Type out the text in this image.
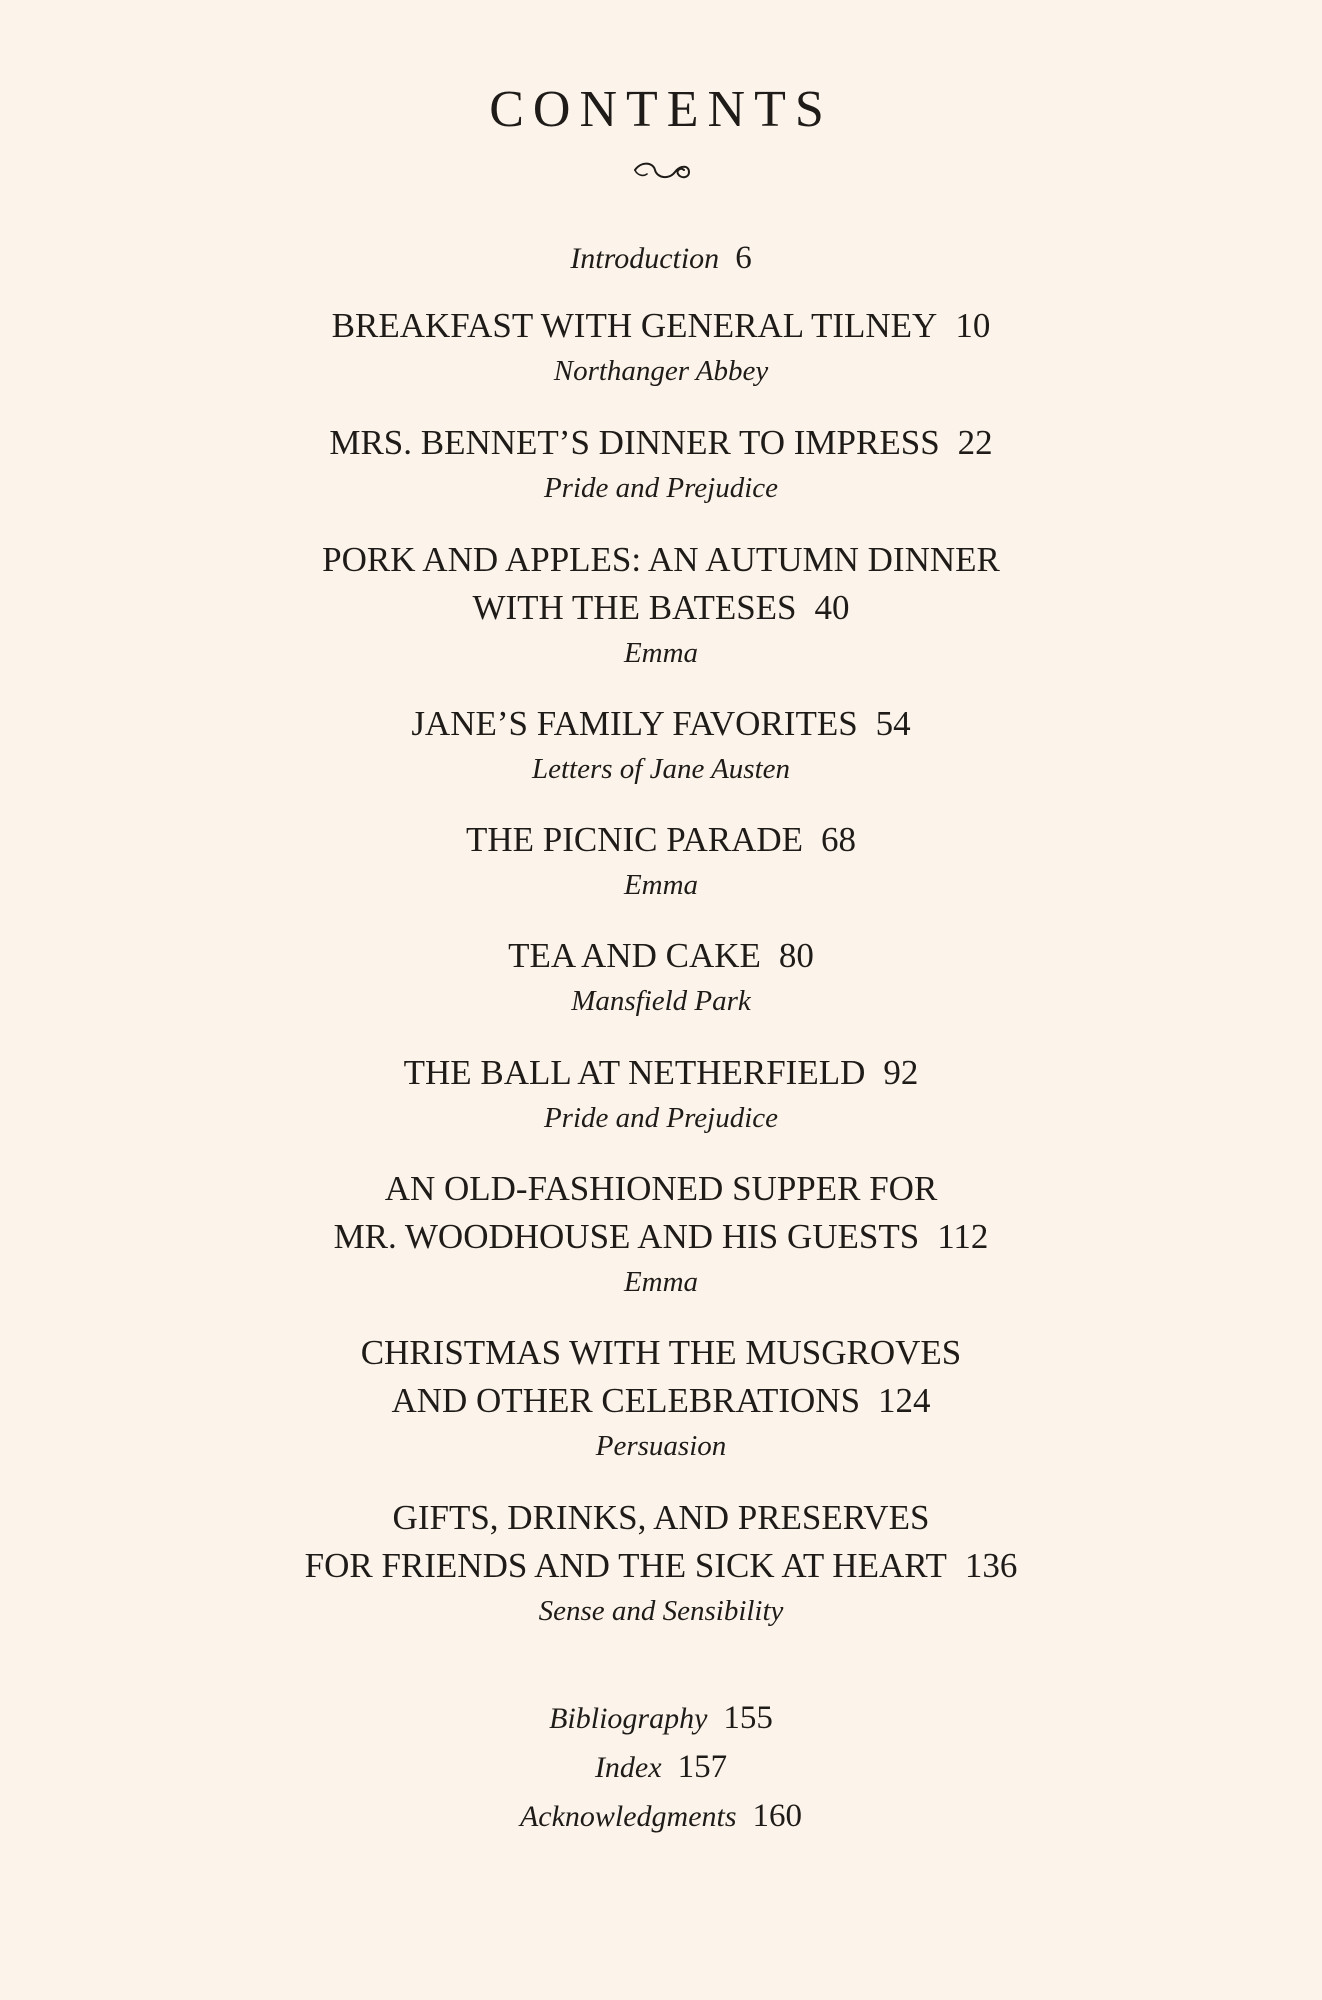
CONTENTS
Introduction 6
BREAKFAST WITH GENERAL TILNEY 10
Northanger Abbey
MRS. BENNET’S DINNER TO IMPRESS 22
Pride and Prejudice
PORK AND APPLES: AN AUTUMN DINNER
WITH THE BATESES 40
Emma
JANE’S FAMILY FAVORITES 54
Letters of Jane Austen
THE PICNIC PARADE 68
Emma
TEA AND CAKE 80
Mansfield Park
THE BALL AT NETHERFIELD 92
Pride and Prejudice
AN OLD-FASHIONED SUPPER FOR
MR. WOODHOUSE AND HIS GUESTS 112
Emma
CHRISTMAS WITH THE MUSGROVES
AND OTHER CELEBRATIONS 124
Persuasion
GIFTS, DRINKS, AND PRESERVES
FOR FRIENDS AND THE SICK AT HEART 136
Sense and Sensibility
Bibliography 155
Index 157
Acknowledgments 160
